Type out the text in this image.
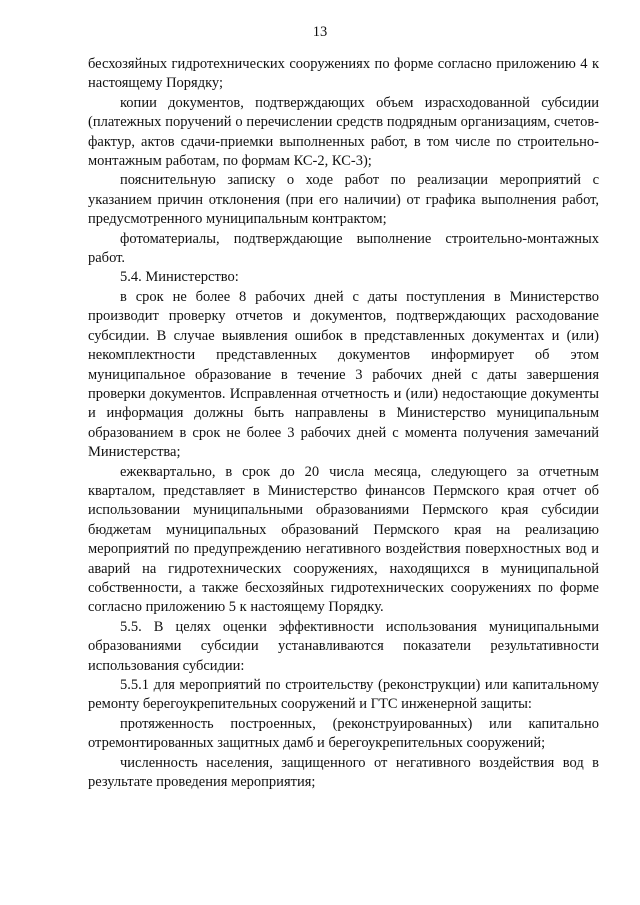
13

бесхозяйных гидротехнических сооружениях по форме согласно приложению 4 к настоящему Порядку;

копии документов, подтверждающих объем израсходованной субсидии (платежных поручений о перечислении средств подрядным организациям, счетов-фактур, актов сдачи-приемки выполненных работ, в том числе по строительно-монтажным работам, по формам КС-2, КС-3);

пояснительную записку о ходе работ по реализации мероприятий с указанием причин отклонения (при его наличии) от графика выполнения работ, предусмотренного муниципальным контрактом;

фотоматериалы, подтверждающие выполнение строительно-монтажных работ.

5.4. Министерство:

в срок не более 8 рабочих дней с даты поступления в Министерство производит проверку отчетов и документов, подтверждающих расходование субсидии. В случае выявления ошибок в представленных документах и (или) некомплектности представленных документов информирует об этом муниципальное образование в течение 3 рабочих дней с даты завершения проверки документов. Исправленная отчетность и (или) недостающие документы и информация должны быть направлены в Министерство муниципальным образованием в срок не более 3 рабочих дней с момента получения замечаний Министерства;

ежеквартально, в срок до 20 числа месяца, следующего за отчетным кварталом, представляет в Министерство финансов Пермского края отчет об использовании муниципальными образованиями Пермского края субсидии бюджетам муниципальных образований Пермского края на реализацию мероприятий по предупреждению негативного воздействия поверхностных вод и аварий на гидротехнических сооружениях, находящихся в муниципальной собственности, а также бесхозяйных гидротехнических сооружениях по форме согласно приложению 5 к настоящему Порядку.

5.5. В целях оценки эффективности использования муниципальными образованиями субсидии устанавливаются показатели результативности использования субсидии:

5.5.1 для мероприятий по строительству (реконструкции) или капитальному ремонту берегоукрепительных сооружений и ГТС инженерной защиты:

протяженность построенных, (реконструированных) или капитально отремонтированных защитных дамб и берегоукрепительных сооружений;

численность населения, защищенного от негативного воздействия вод в результате проведения мероприятия;
